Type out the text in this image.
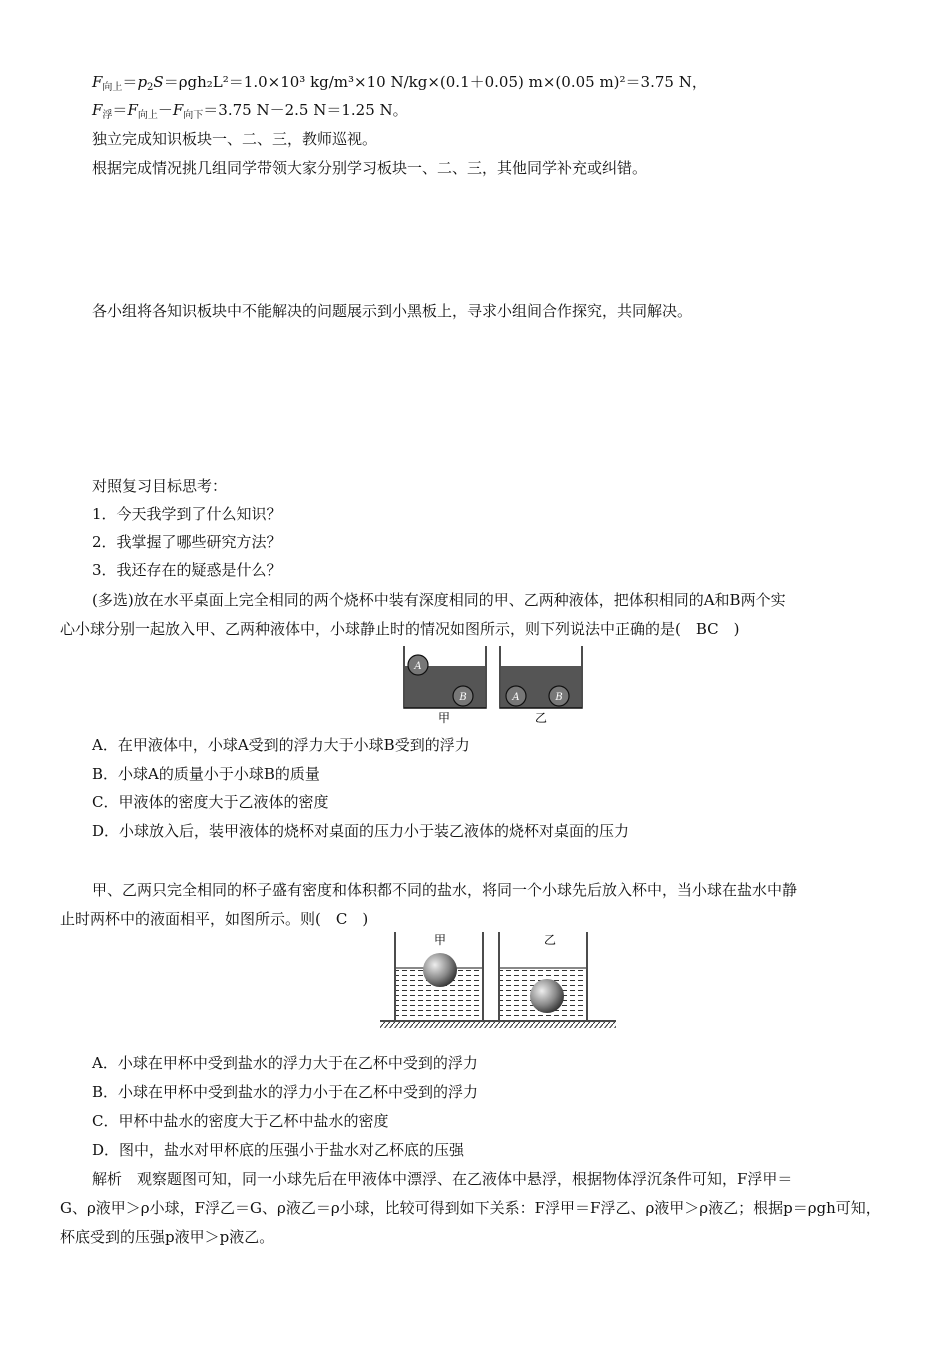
$F_{向上}=p_2S=\rho gh_2L^2=1.0\times 10^3$ kg/m³×10 N/kg×(0.1＋0.05) m×(0.05 m)²＝3.75 N，
$F_浮=F_{向上}-F_{向下}=3.75$ N－2.5 N＝1.25 N。
独立完成知识板块一、二、三，教师巡视。
根据完成情况挑几组同学带领大家分别学习板块一、二、三，其他同学补充或纠错。
各小组将各知识板块中不能解决的问题展示到小黑板上，寻求小组间合作探究，共同解决。
对照复习目标思考：
1．今天我学到了什么知识？
2．我掌握了哪些研究方法？
3．我还存在的疑惑是什么？
(多选)放在水平桌面上完全相同的两个烧杯中装有深度相同的甲、乙两种液体，把体积相同的A和B两个实
心小球分别一起放入甲、乙两种液体中，小球静止时的情况如图所示，则下列说法中正确的是(　BC　)
A
B
甲
A	B
乙
A．在甲液体中，小球A受到的浮力大于小球B受到的浮力
B．小球A的质量小于小球B的质量
C．甲液体的密度大于乙液体的密度
D．小球放入后，装甲液体的烧杯对桌面的压力小于装乙液体的烧杯对桌面的压力
甲、乙两只完全相同的杯子盛有密度和体积都不同的盐水，将同一个小球先后放入杯中，当小球在盐水中静
止时两杯中的液面相平，如图所示。则(　C　)
甲	乙
A．小球在甲杯中受到盐水的浮力大于在乙杯中受到的浮力
B．小球在甲杯中受到盐水的浮力小于在乙杯中受到的浮力
C．甲杯中盐水的密度大于乙杯中盐水的密度
D．图中，盐水对甲杯底的压强小于盐水对乙杯底的压强
解析　观察题图可知，同一小球先后在甲液体中漂浮、在乙液体中悬浮，根据物体浮沉条件可知，F浮甲＝
G、ρ液甲＞ρ小球，F浮乙＝G、ρ液乙＝ρ小球，比较可得到如下关系：F浮甲＝F浮乙、ρ液甲＞ρ液乙；根据p＝ρgh可知，
杯底受到的压强p液甲＞p液乙。
